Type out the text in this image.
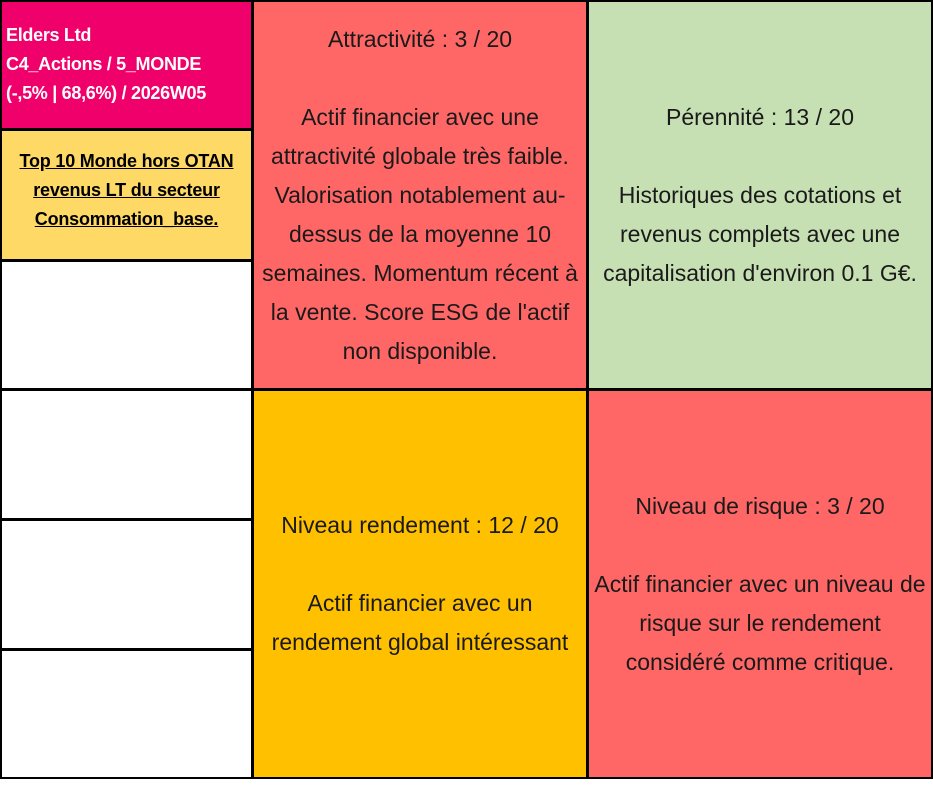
Elders Ltd
C4_Actions / 5_MONDE
(-,5% | 68,6%) / 2026W05
Top 10 Monde hors OTAN
revenus LT du secteur
Consommation_base.

Attractivité : 3 / 20

Actif financier avec une

attractivité globale très faible.

Valorisation notablement au-

dessus de la moyenne 10

semaines. Momentum récent à

la vente. Score ESG de l'actif

non disponible.

Pérennité : 13 / 20

Historiques des cotations et

revenus complets avec une

capitalisation d'environ 0.1 G€.

Niveau rendement : 12 / 20

Actif financier avec un

rendement global intéressant

Niveau de risque : 3 / 20

Actif financier avec un niveau de

risque sur le rendement

considéré comme critique.
